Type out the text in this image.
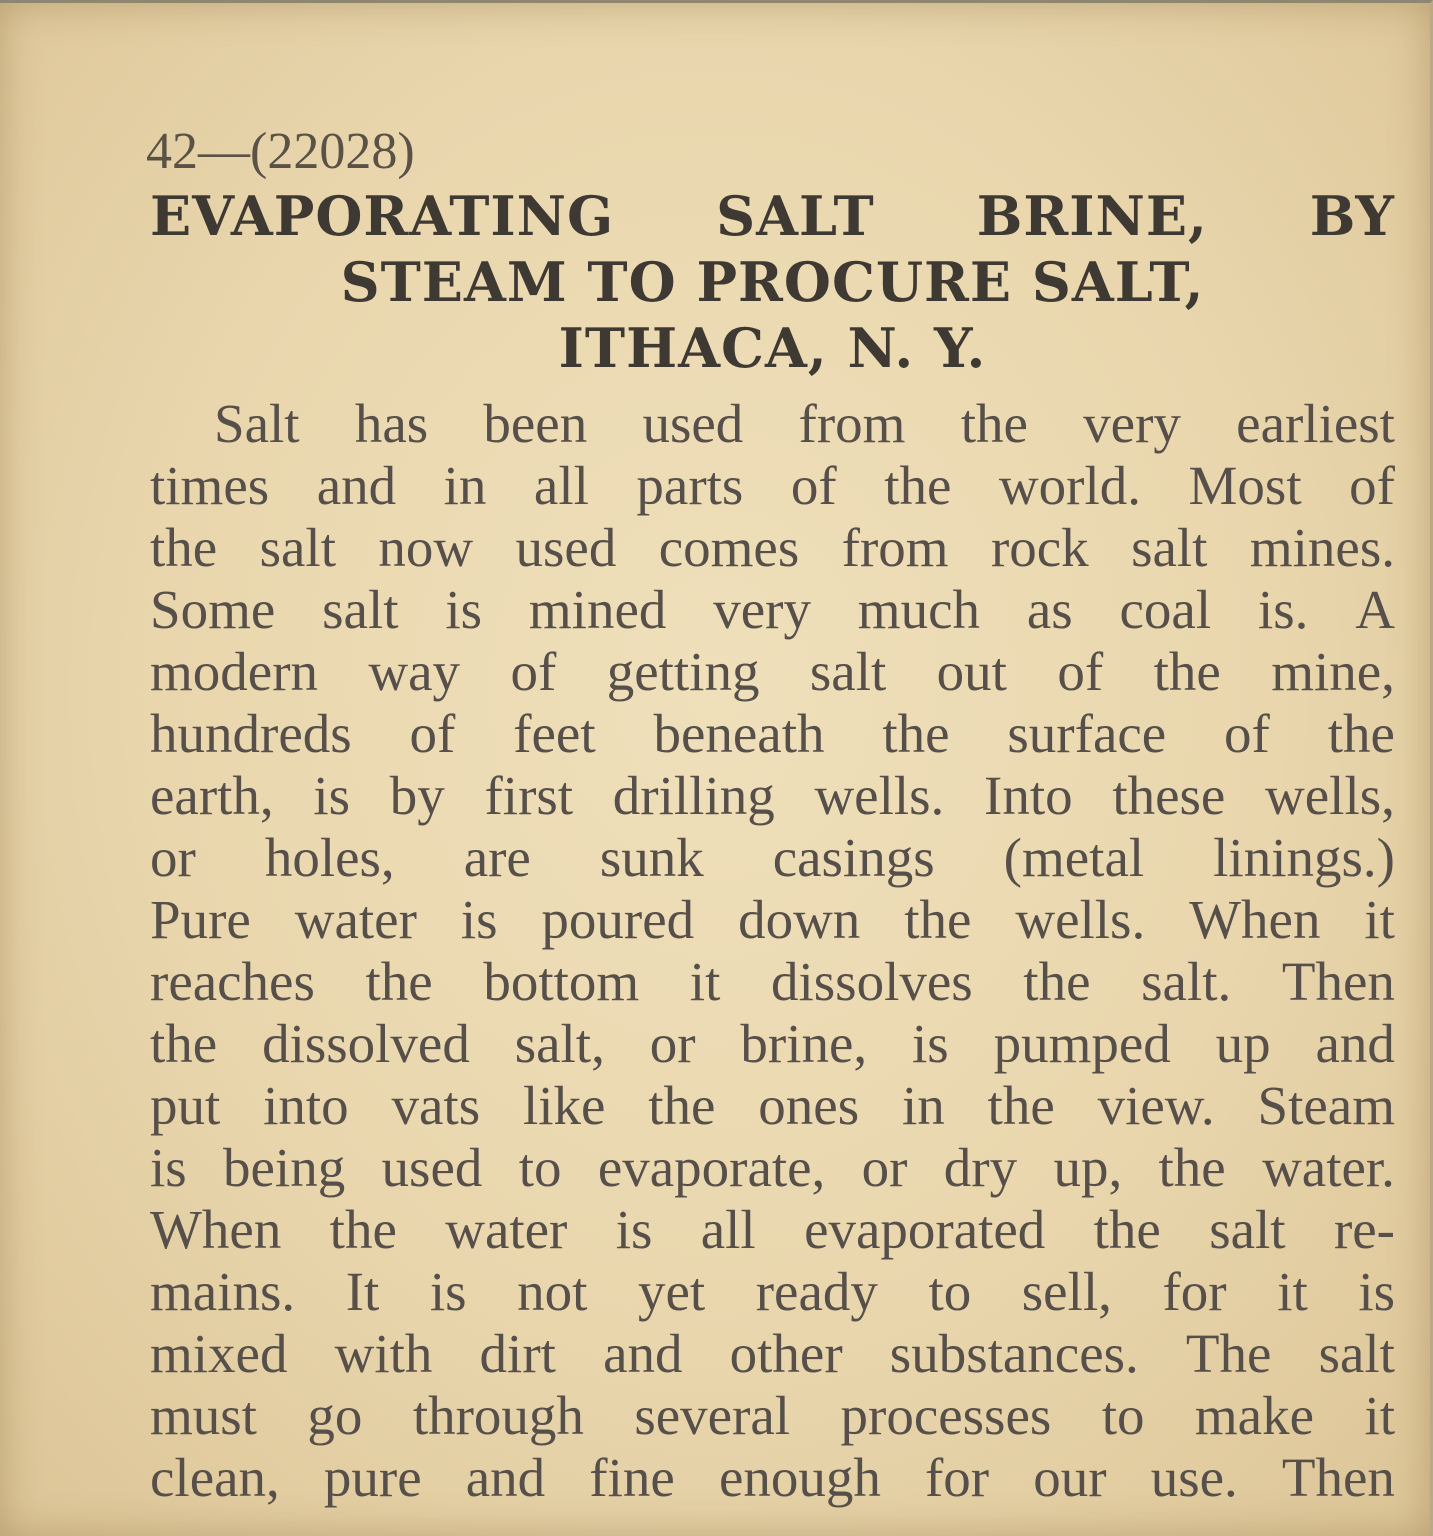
42—(22028)
EVAPORATING SALT BRINE, BY
STEAM TO PROCURE SALT,
ITHACA, N. Y.
Salt has been used from the very earliest
times and in all parts of the world. Most of
the salt now used comes from rock salt mines.
Some salt is mined very much as coal is. A
modern way of getting salt out of the mine,
hundreds of feet beneath the surface of the
earth, is by first drilling wells. Into these wells,
or holes, are sunk casings (metal linings.)
Pure water is poured down the wells. When it
reaches the bottom it dissolves the salt. Then
the dissolved salt, or brine, is pumped up and
put into vats like the ones in the view. Steam
is being used to evaporate, or dry up, the water.
When the water is all evaporated the salt re-
mains. It is not yet ready to sell, for it is
mixed with dirt and other substances. The salt
must go through several processes to make it
clean, pure and fine enough for our use. Then
